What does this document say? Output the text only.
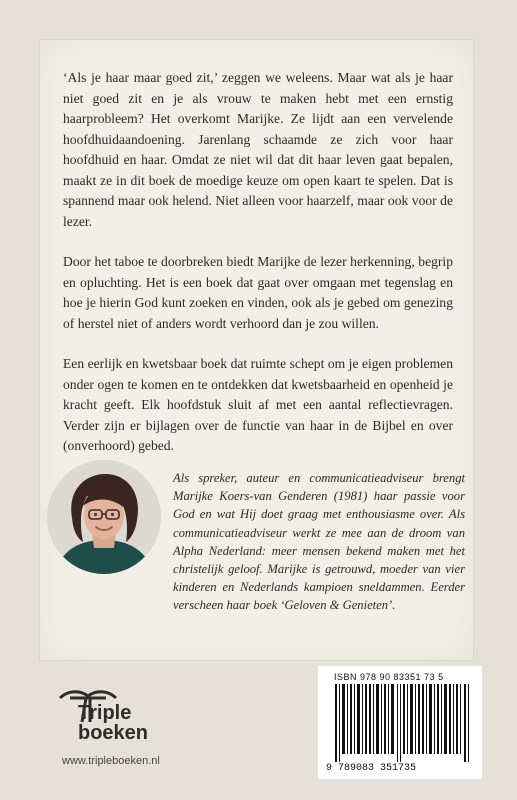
‘Als je haar maar goed zit,’ zeggen we weleens. Maar wat als je haar niet goed zit en je als vrouw te maken hebt met een ernstig haarprobleem? Het overkomt Marijke. Ze lijdt aan een vervelende hoofdhuidaandoening. Jarenlang schaamde ze zich voor haar hoofdhuid en haar. Omdat ze niet wil dat dit haar leven gaat bepalen, maakt ze in dit boek de moedige keuze om open kaart te spelen. Dat is spannend maar ook helend. Niet alleen voor haarzelf, maar ook voor de lezer.

Door het taboe te doorbreken biedt Marijke de lezer herkenning, begrip en opluchting. Het is een boek dat gaat over omgaan met tegenslag en hoe je hierin God kunt zoeken en vinden, ook als je gebed om genezing of herstel niet of anders wordt verhoord dan je zou willen.

Een eerlijk en kwetsbaar boek dat ruimte schept om je eigen problemen onder ogen te komen en te ontdekken dat kwetsbaarheid en openheid je kracht geeft. Elk hoofdstuk sluit af met een aantal reflectievragen. Verder zijn er bijlagen over de functie van haar in de Bijbel en over (onverhoord) gebed.

Als spreker, auteur en communicatieadviseur brengt Marijke Koers-van Genderen (1981) haar passie voor God en wat Hij doet graag met enthousiasme over. Als communicatieadviseur werkt ze mee aan de droom van Alpha Nederland: meer mensen bekend maken met het christelijk geloof. Marijke is getrouwd, moeder van vier kinderen en Nederlands kampioen sneldammen. Eerder verscheen haar boek ‘Geloven & Genieten’.
Triple
boeken
www.tripleboeken.nl
ISBN 978 90 83351 73 5
9 789083 351735
